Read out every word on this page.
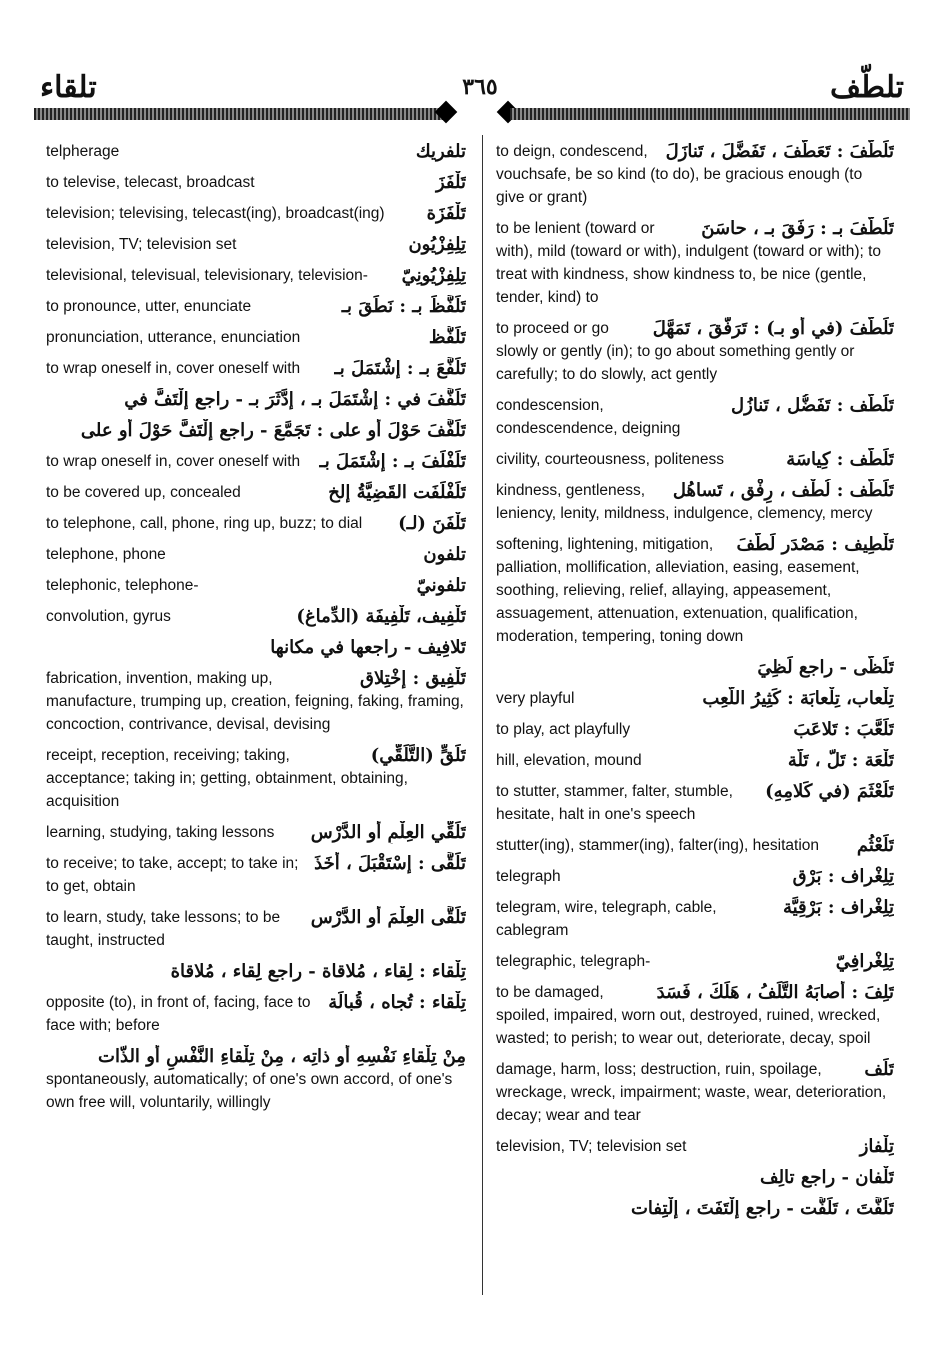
تلقاء	٣٦٥	تلطّف
تلفريك
telpherage
تَلْفَزَ
to televise, telecast, broadcast
تَلْفَزَة
television; televising, telecast(ing), broadcast(ing)
تِلِفِزْيُون
television, TV; television set
تِلِفِزْيُونِيّ
televisional, televisual, televisionary, television-
تَلَفَّظَ بـ : نَطَقَ بـ
to pronounce, utter, enunciate
تَلَفُّظ
pronunciation, utterance, enunciation
تَلَفَّعَ بـ : إشْتَمَلَ بـ
to wrap oneself in, cover oneself with
تَلَفَّفَ في : إشْتَمَلَ بـ ، إدَّثَرَ بـ - راجع إلْتَفَّ في
تَلَفَّفَ حَوْلَ أو على : تَجَمَّعَ - راجع إلْتَفَّ حَوْلَ أو على
تَلَفْلَفَ بـ : إشْتَمَلَ بـ
to wrap oneself in, cover oneself with
تَلَفْلَفَت القَضِيَّةُ إلخ
to be covered up, concealed
تَلْفَنَ (لـ)
to telephone, call, phone, ring up, buzz; to dial
تلفون
telephone, phone
تلفونيّ
telephonic, telephone-
تَلْفِيف، تَلْفِيفَة (الدِّماغ)
convolution, gyrus
تَلافِيف - راجعها في مكانها
تَلْفِيق : إخْتِلاق
fabrication, invention, making up, manufacture, trumping up, creation, feigning, faking, framing, concoction, contrivance, devisal, devising
تَلَقٍّ (التَّلَقِّي)
receipt, reception, receiving; taking, acceptance; taking in; getting, obtainment, obtaining, acquisition
تَلَقِّي العِلْمِ أو الدَّرْس
learning, studying, taking lessons
تَلَقَّى : إسْتَقْبَلَ ، أَخَذَ
to receive; to take, accept; to take in; to get, obtain
تَلَقَّى العِلْمَ أو الدَّرْس
to learn, study, take lessons; to be taught, instructed
تِلْقاء : لِقاء ، مُلاقاة - راجع لِقاء ، مُلاقاة
تِلْقاء : تُجاه ، قُبالَة
opposite (to), in front of, facing, face to face with; before
مِنْ تِلْقاءِ نَفْسِهِ أو ذاتِه ، مِنْ تِلْقاءِ النَّفْسِ أو الذّات
spontaneously, automatically; of one's own accord, of one's own free will, voluntarily, willingly
تَلَطَّفَ : تَعَطَّفَ ، تَفَضَّلَ ، تَنازَلَ
to deign, condescend, vouchsafe, be so kind (to do), be gracious enough (to give or grant)
تَلَطَّفَ بـ : رَفَقَ بـ ، حاسَنَ
to be lenient (toward or with), mild (toward or with), indulgent (toward or with); to treat with kindness, show kindness to, be nice (gentle, tender, kind) to
تَلَطَّفَ (في أو بـ) : تَرَفَّقَ ، تَمَهَّلَ
to proceed or go slowly or gently (in); to go about something gently or carefully; to do slowly, act gently
تَلَطُّف : تَفَضُّل ، تَنازُل
condescension, condescendence, deigning
تَلَطُّف : كِياسَة
civility, courteousness, politeness
تَلَطُّف : لُطْف ، رِفْق ، تَساهُل
kindness, gentleness, leniency, lenity, mildness, indulgence, clemency, mercy
تَلْطِيف : مَصْدَر لَطَّفَ
softening, lightening, mitigation, palliation, mollification, alleviation, easing, easement, soothing, relieving, relief, allaying, appeasement, assuagement, attenuation, extenuation, qualification, moderation, tempering, toning down
تَلَظَّى - راجع لَظِيَ
تِلْعاب، تِلْعابَة : كَثِيرُ اللَّعِب
very playful
تَلَعَّبَ : تَلاعَبَ
to play, act playfully
تَلْعَة : تَلّ ، تَلَّة
hill, elevation, mound
تَلَعْثَمَ (في كَلامِهِ)
to stutter, stammer, falter, stumble, hesitate, halt in one's speech
تَلَعْثُم
stutter(ing), stammer(ing), falter(ing), hesitation
تِلِغْراف : بَرْق
telegraph
تِلِغْراف : بَرْقِيَّة
telegram, wire, telegraph, cable, cablegram
تِلِغْرافِيّ
telegraphic, telegraph-
تَلِفَ : أَصابَهُ التَّلَفُ ، هَلَكَ ، فَسَدَ
to be damaged, spoiled, impaired, worn out, destroyed, ruined, wrecked, wasted; to perish; to wear out, deteriorate, decay, spoil
تَلَف
damage, harm, loss; destruction, ruin, spoilage, wreckage, wreck, impairment; waste, wear, deterioration, decay; wear and tear
تِلْفاز
television, TV; television set
تَلْفان - راجع تالِف
تَلَفَّتَ ، تَلَفُّت - راجع إلْتَفَتَ ، إلْتِفات
